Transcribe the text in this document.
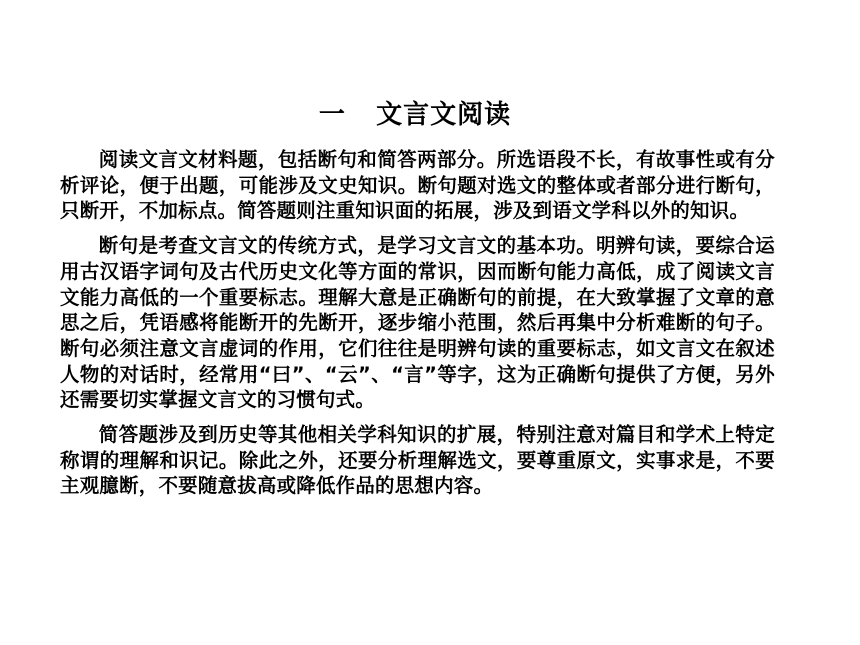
一   文言文阅读

阅读文言文材料题，包括断句和简答两部分。所选语段不长，有故事性或有分析评论，便于出题，可能涉及文史知识。断句题对选文的整体或者部分进行断句，只断开，不加标点。简答题则注重知识面的拓展，涉及到语文学科以外的知识。

断句是考查文言文的传统方式，是学习文言文的基本功。明辨句读，要综合运用古汉语字词句及古代历史文化等方面的常识，因而断句能力高低，成了阅读文言文能力高低的一个重要标志。理解大意是正确断句的前提，在大致掌握了文章的意思之后，凭语感将能断开的先断开，逐步缩小范围，然后再集中分析难断的句子。断句必须注意文言虚词的作用，它们往往是明辨句读的重要标志，如文言文在叙述人物的对话时，经常用“曰”、“云”、“言”等字，这为正确断句提供了方便，另外还需要切实掌握文言文的习惯句式。

简答题涉及到历史等其他相关学科知识的扩展，特别注意对篇目和学术上特定称谓的理解和识记。除此之外，还要分析理解选文，要尊重原文，实事求是，不要主观臆断，不要随意拔高或降低作品的思想内容。
